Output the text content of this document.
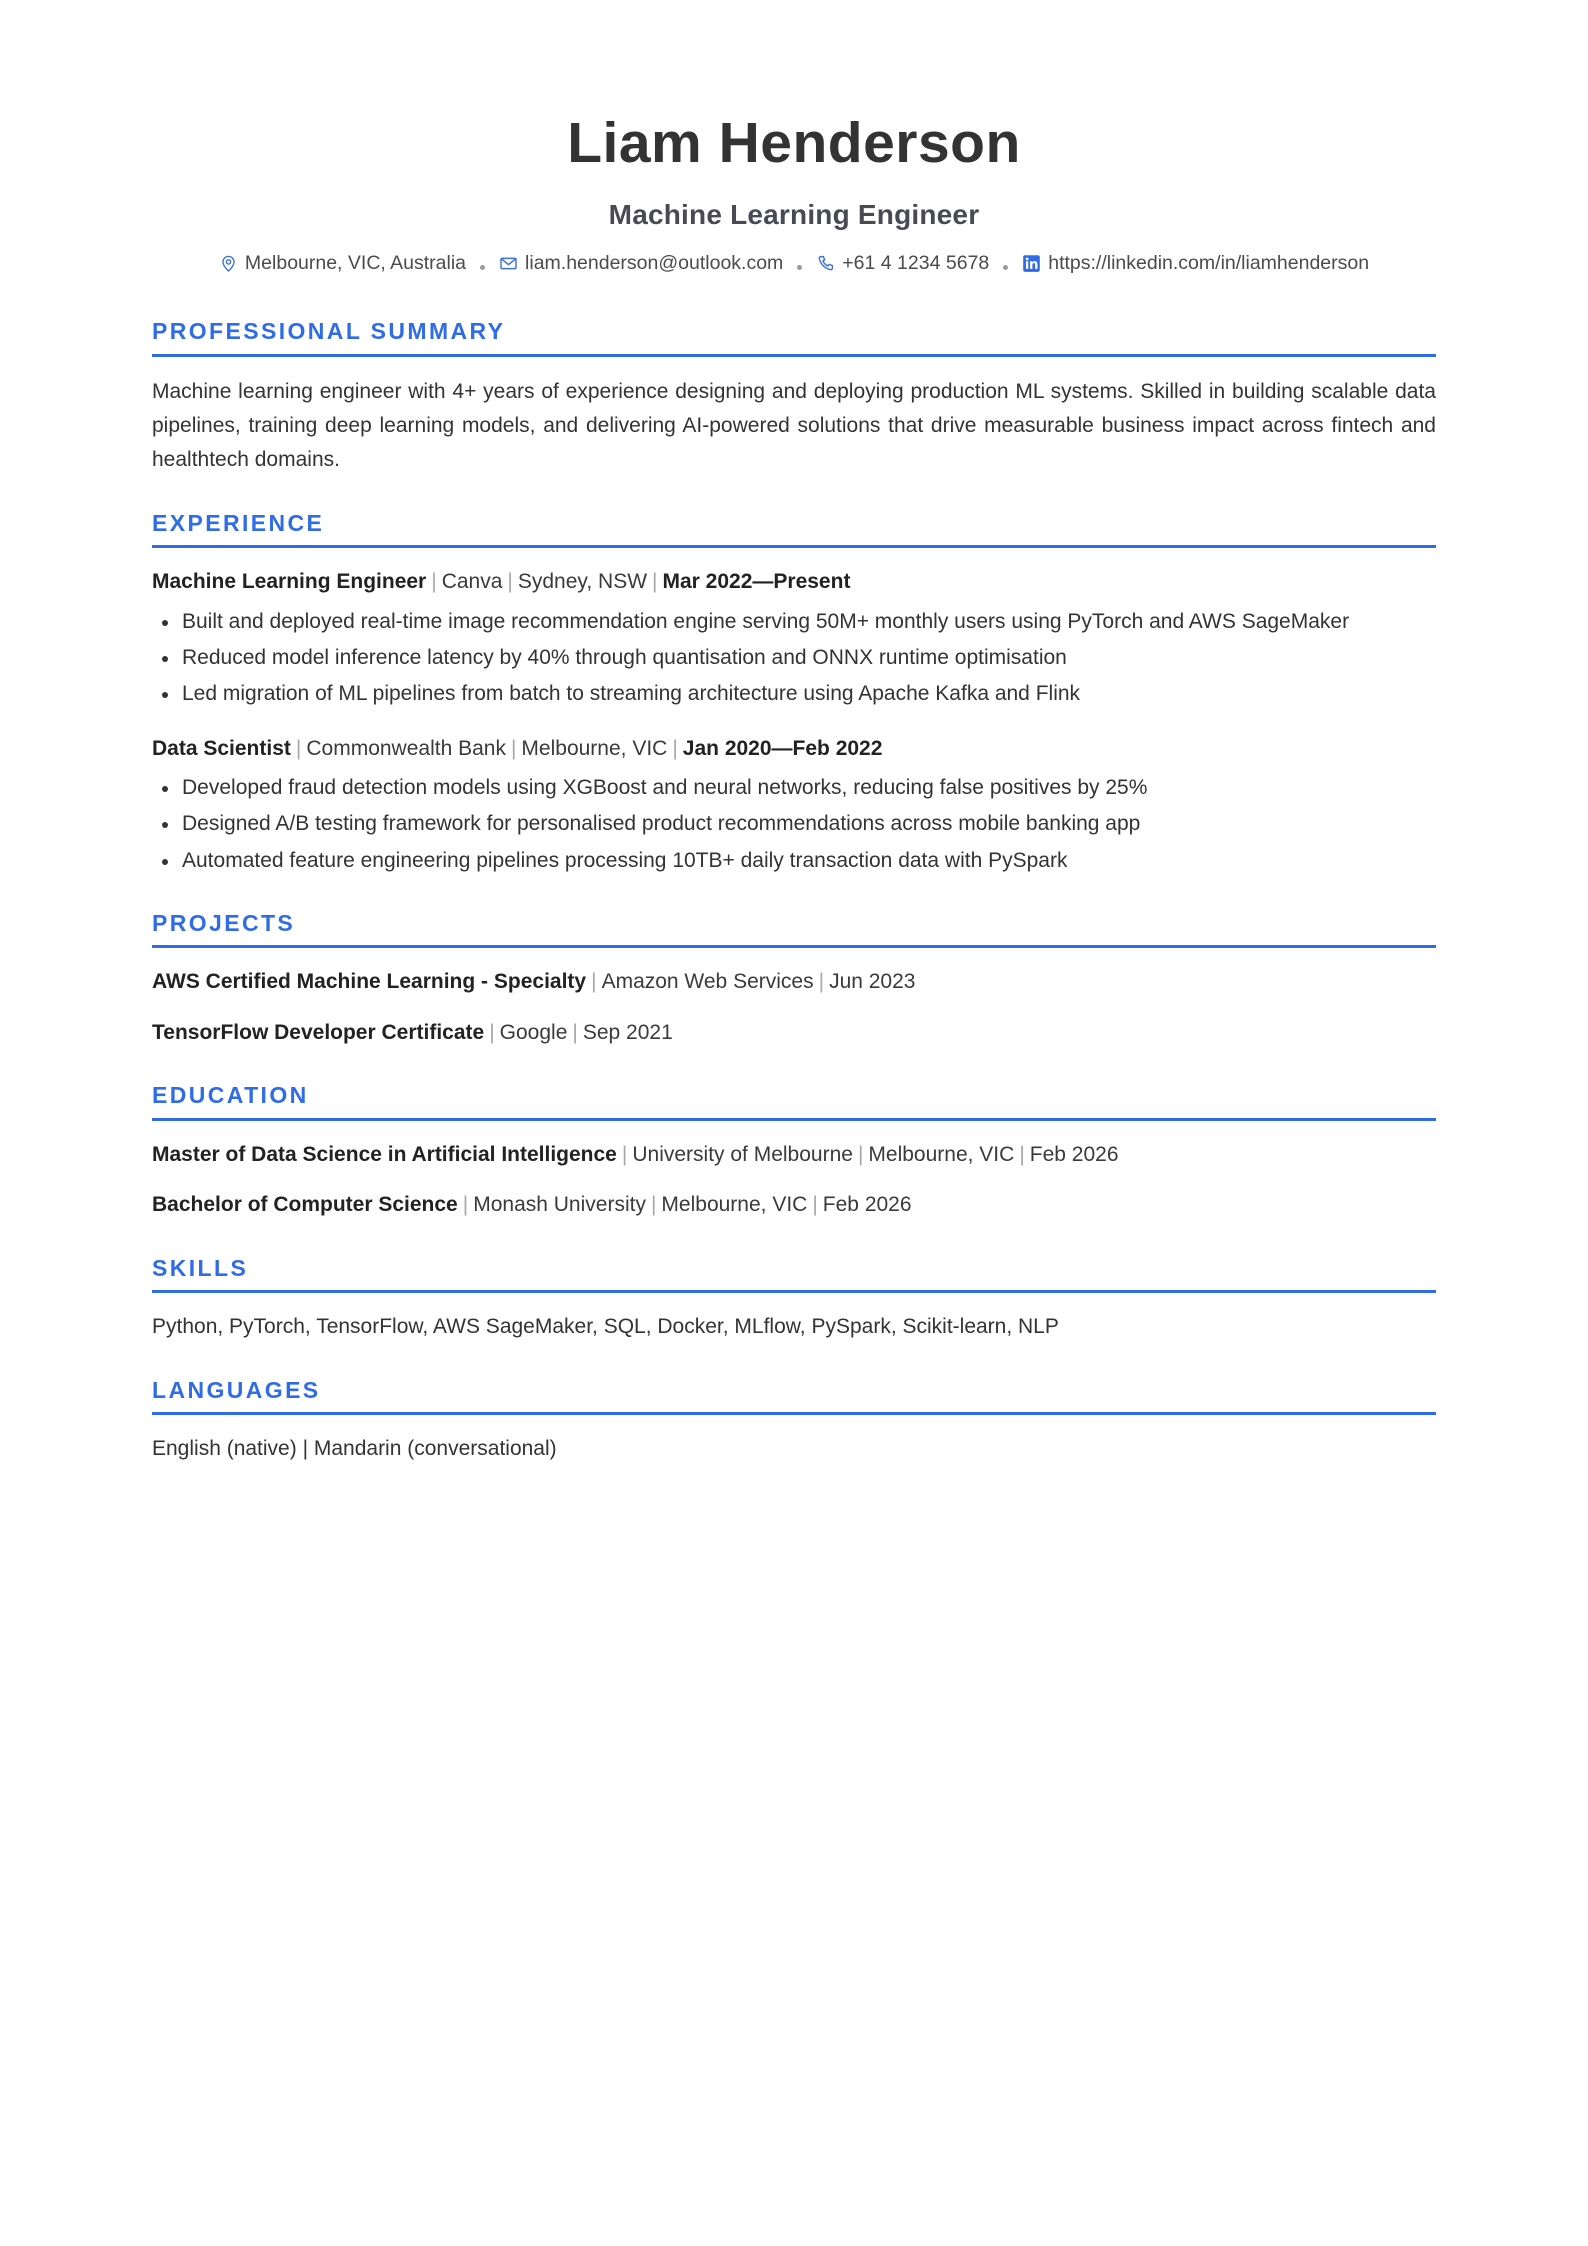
Liam Henderson
Machine Learning Engineer
Melbourne, VIC, Australia	liam.henderson@outlook.com	+61 4 1234 5678	https://linkedin.com/in/liamhenderson
PROFESSIONAL SUMMARY

Machine learning engineer with 4+ years of experience designing and deploying production ML systems. Skilled in building scalable data pipelines, training deep learning models, and delivering AI-powered solutions that drive measurable business impact across fintech and healthtech domains.

EXPERIENCE
Machine Learning Engineer | Canva | Sydney, NSW | Mar 2022—Present
Built and deployed real-time image recommendation engine serving 50M+ monthly users using PyTorch and AWS SageMaker
Reduced model inference latency by 40% through quantisation and ONNX runtime optimisation
Led migration of ML pipelines from batch to streaming architecture using Apache Kafka and Flink
Data Scientist | Commonwealth Bank | Melbourne, VIC | Jan 2020—Feb 2022
Developed fraud detection models using XGBoost and neural networks, reducing false positives by 25%
Designed A/B testing framework for personalised product recommendations across mobile banking app
Automated feature engineering pipelines processing 10TB+ daily transaction data with PySpark
PROJECTS
AWS Certified Machine Learning - Specialty | Amazon Web Services | Jun 2023
TensorFlow Developer Certificate | Google | Sep 2021
EDUCATION
Master of Data Science in Artificial Intelligence | University of Melbourne | Melbourne, VIC | Feb 2026
Bachelor of Computer Science | Monash University | Melbourne, VIC | Feb 2026
SKILLS
Python, PyTorch, TensorFlow, AWS SageMaker, SQL, Docker, MLflow, PySpark, Scikit-learn, NLP
LANGUAGES
English (native) | Mandarin (conversational)
